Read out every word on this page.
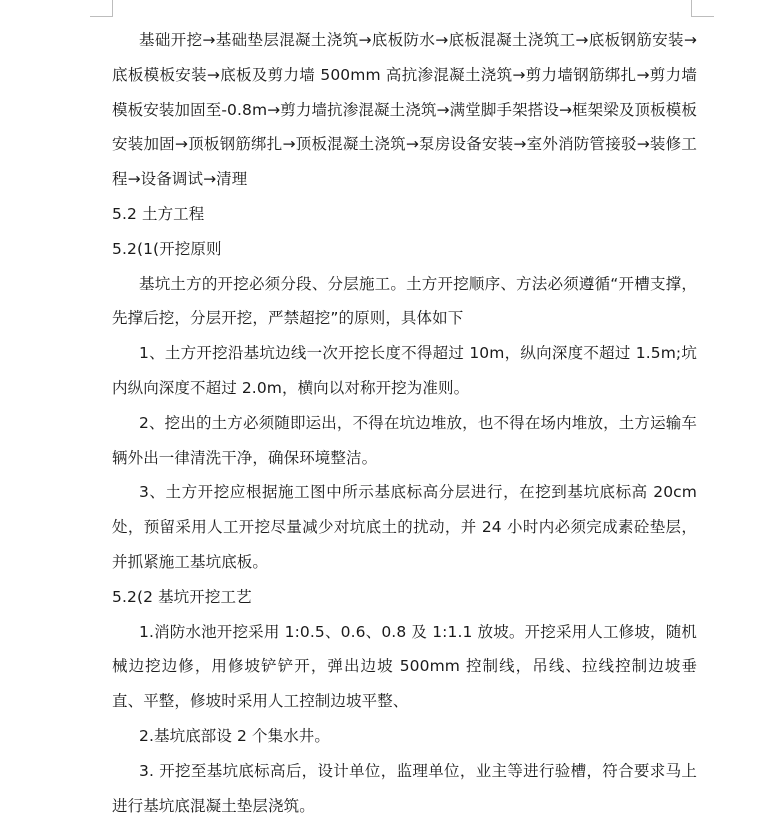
基础开挖→基础垫层混凝土浇筑→底板防水→底板混凝土浇筑工→底板钢筋安装→底板模板安装→底板及剪力墙 500mm 高抗渗混凝土浇筑→剪力墙钢筋绑扎→剪力墙模板安装加固至-0.8m→剪力墙抗渗混凝土浇筑→满堂脚手架搭设→框架梁及顶板模板安装加固→顶板钢筋绑扎→顶板混凝土浇筑→泵房设备安装→室外消防管接驳→装修工程→设备调试→清理

5.2 土方工程

5.2(1(开挖原则

基坑土方的开挖必须分段、分层施工。土方开挖顺序、方法必须遵循“开槽支撑，先撑后挖，分层开挖，严禁超挖”的原则，具体如下

1、土方开挖沿基坑边线一次开挖长度不得超过 10m，纵向深度不超过 1.5m;坑内纵向深度不超过 2.0m，横向以对称开挖为准则。

2、挖出的土方必须随即运出，不得在坑边堆放，也不得在场内堆放，土方运输车辆外出一律清洗干净，确保环境整洁。

3、土方开挖应根据施工图中所示基底标高分层进行，在挖到基坑底标高 20cm 处，预留采用人工开挖尽量减少对坑底土的扰动，并 24 小时内必须完成素砼垫层，并抓紧施工基坑底板。

5.2(2 基坑开挖工艺

1.消防水池开挖采用 1:0.5、0.6、0.8 及 1:1.1 放坡。开挖采用人工修坡，随机械边挖边修，用修坡铲铲开，弹出边坡 500mm 控制线，吊线、拉线控制边坡垂直、平整，修坡时采用人工控制边坡平整、

2.基坑底部设 2 个集水井。

3. 开挖至基坑底标高后，设计单位，监理单位，业主等进行验槽，符合要求马上进行基坑底混凝土垫层浇筑。
